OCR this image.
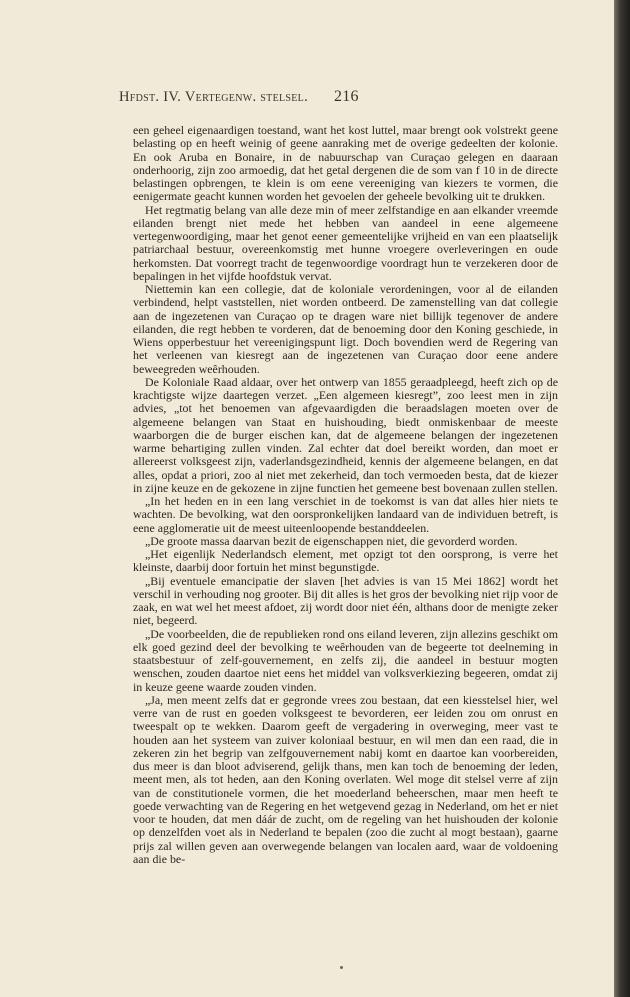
Hfdst. IV. Vertegenw. stelsel. 216

een geheel eigenaardigen toestand, want het kost luttel, maar brengt ook volstrekt geene belasting op en heeft weinig of geene aanraking met de overige gedeelten der kolonie. En ook Aruba en Bonaire, in de nabuurschap van Curaçao gelegen en daaraan onderhoorig, zijn zoo armoedig, dat het getal dergenen die de som van f 10 in de directe belastingen opbrengen, te klein is om eene vereeniging van kiezers te vormen, die eenigermate geacht kunnen worden het gevoelen der geheele bevolking uit te drukken.

Het regtmatig belang van alle deze min of meer zelfstandige en aan elkander vreemde eilanden brengt niet mede het hebben van aandeel in eene algemeene vertegenwoordiging, maar het genot eener gemeentelijke vrijheid en van een plaatselijk patriarchaal bestuur, overeenkomstig met hunne vroegere overleveringen en oude herkomsten. Dat voorregt tracht de tegenwoordige voordragt hun te verzekeren door de bepalingen in het vijfde hoofdstuk vervat.

Niettemin kan een collegie, dat de koloniale verordeningen, voor al de eilanden verbindend, helpt vaststellen, niet worden ontbeerd. De zamenstelling van dat collegie aan de ingezetenen van Curaçao op te dragen ware niet billijk tegenover de andere eilanden, die regt hebben te vorderen, dat de benoeming door den Koning geschiede, in Wiens opperbestuur het vereenigingspunt ligt. Doch bovendien werd de Regering van het verleenen van kiesregt aan de ingezetenen van Curaçao door eene andere beweegreden weêrhouden.

De Koloniale Raad aldaar, over het ontwerp van 1855 geraadpleegd, heeft zich op de krachtigste wijze daartegen verzet. „Een algemeen kiesregt”, zoo leest men in zijn advies, „tot het benoemen van afgevaardigden die beraadslagen moeten over de algemeene belangen van Staat en huishouding, biedt onmiskenbaar de meeste waarborgen die de burger eischen kan, dat de algemeene belangen der ingezetenen warme behartiging zullen vinden. Zal echter dat doel bereikt worden, dan moet er allereerst volksgeest zijn, vaderlandsgezindheid, kennis der algemeene belangen, en dat alles, opdat a priori, zoo al niet met zekerheid, dan toch vermoeden besta, dat de kiezer in zijne keuze en de gekozene in zijne functien het gemeene best bovenaan zullen stellen.

„In het heden en in een lang verschiet in de toekomst is van dat alles hier niets te wachten. De bevolking, wat den oorspronkelijken landaard van de individuen betreft, is eene agglomeratie uit de meest uiteenloopende bestanddeelen.

„De groote massa daarvan bezit de eigenschappen niet, die gevorderd worden.

„Het eigenlijk Nederlandsch element, met opzigt tot den oorsprong, is verre het kleinste, daarbij door fortuin het minst begunstigde.

„Bij eventuele emancipatie der slaven [het advies is van 15 Mei 1862] wordt het verschil in verhouding nog grooter. Bij dit alles is het gros der bevolking niet rijp voor de zaak, en wat wel het meest afdoet, zij wordt door niet één, althans door de menigte zeker niet, begeerd.

„De voorbeelden, die de republieken rond ons eiland leveren, zijn allezins geschikt om elk goed gezind deel der bevolking te weêrhouden van de begeerte tot deelneming in staatsbestuur of zelf-gouvernement, en zelfs zij, die aandeel in bestuur mogten wenschen, zouden daartoe niet eens het middel van volksverkiezing begeeren, omdat zij in keuze geene waarde zouden vinden.

„Ja, men meent zelfs dat er gegronde vrees zou bestaan, dat een kiesstelsel hier, wel verre van de rust en goeden volksgeest te bevorderen, eer leiden zou om onrust en tweespalt op te wekken. Daarom geeft de vergadering in overweging, meer vast te houden aan het systeem van zuiver koloniaal bestuur, en wil men dan een raad, die in zekeren zin het begrip van zelfgouvernement nabij komt en daartoe kan voorbereiden, dus meer is dan bloot adviserend, gelijk thans, men kan toch de benoeming der leden, meent men, als tot heden, aan den Koning overlaten. Wel moge dit stelsel verre af zijn van de constitutionele vormen, die het moederland beheerschen, maar men heeft te goede verwachting van de Regering en het wetgevend gezag in Nederland, om het er niet voor te houden, dat men dáár de zucht, om de regeling van het huishouden der kolonie op denzelfden voet als in Nederland te bepalen (zoo die zucht al mogt bestaan), gaarne prijs zal willen geven aan overwegende belangen van localen aard, waar de voldoening aan die be-
